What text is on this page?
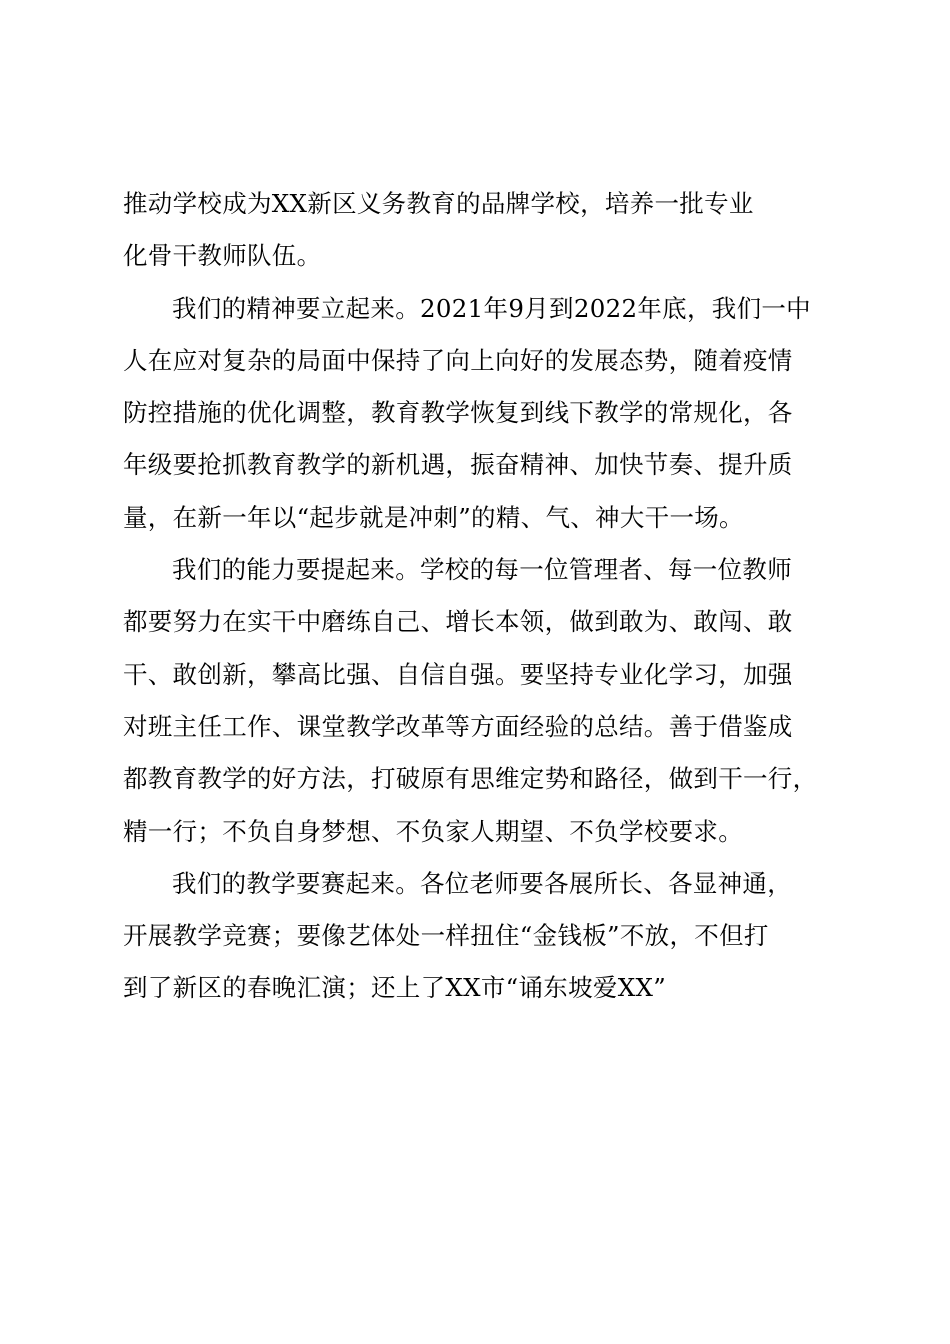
推动学校成为XX新区义务教育的品牌学校，培养一批专业
化骨干教师队伍。
我们的精神要立起来。2021年9月到2022年底，我们一中
人在应对复杂的局面中保持了向上向好的发展态势，随着疫情
防控措施的优化调整，教育教学恢复到线下教学的常规化，各
年级要抢抓教育教学的新机遇，振奋精神、加快节奏、提升质
量，在新一年以“起步就是冲刺”的精、气、神大干一场。
我们的能力要提起来。学校的每一位管理者、每一位教师
都要努力在实干中磨练自己、增长本领，做到敢为、敢闯、敢
干、敢创新，攀高比强、自信自强。要坚持专业化学习，加强
对班主任工作、课堂教学改革等方面经验的总结。善于借鉴成
都教育教学的好方法，打破原有思维定势和路径，做到干一行，
精一行；不负自身梦想、不负家人期望、不负学校要求。
我们的教学要赛起来。各位老师要各展所长、各显神通，
开展教学竞赛；要像艺体处一样扭住“金钱板”不放，不但打
到了新区的春晚汇演；还上了XX市“诵东坡爱XX”
